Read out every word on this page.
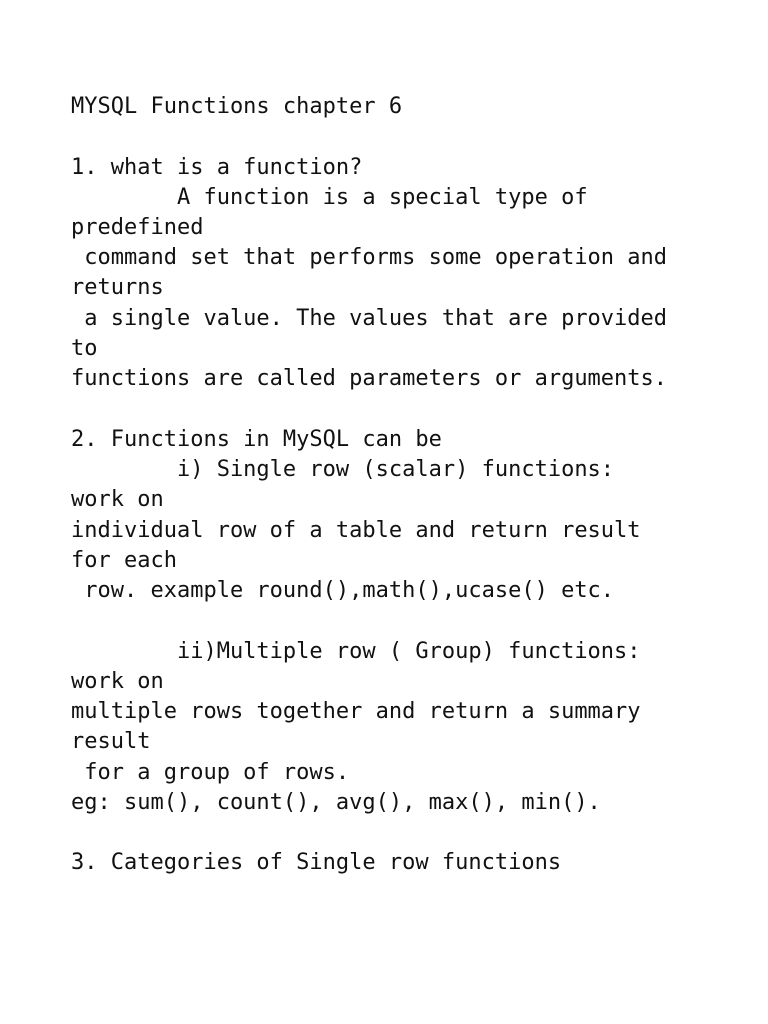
MYSQL Functions chapter 6

1. what is a function?

A function is a special type of

predefined

command set that performs some operation and

returns

a single value. The values that are provided

to

functions are called parameters or arguments.

2. Functions in MySQL can be

i) Single row (scalar) functions:

work on

individual row of a table and return result

for each

row. example round(),math(),ucase() etc.

ii)Multiple row ( Group) functions:

work on

multiple rows together and return a summary

result

for a group of rows.

eg: sum(), count(), avg(), max(), min().

3. Categories of Single row functions
